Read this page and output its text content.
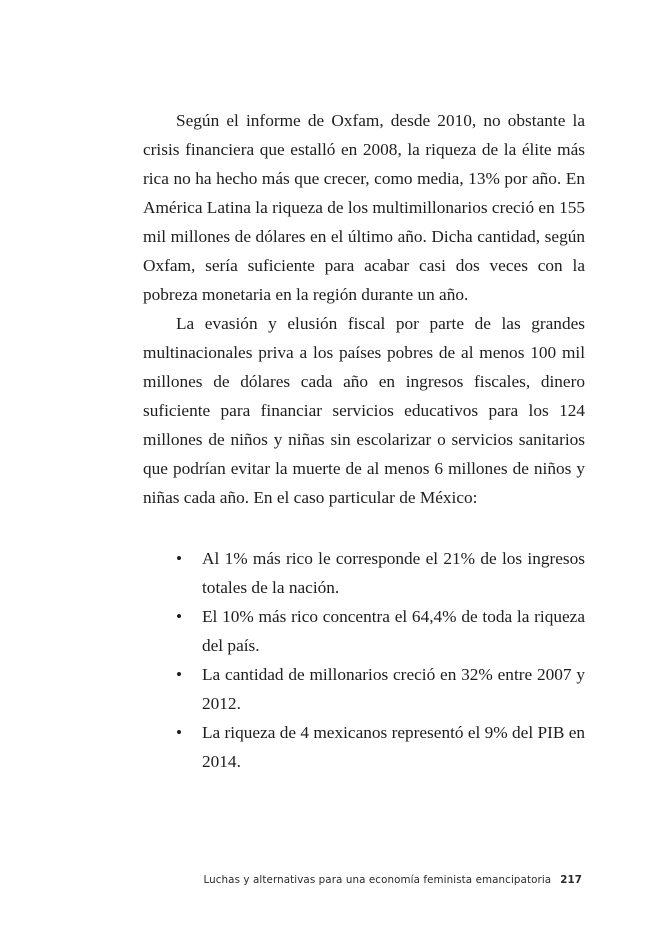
Según el informe de Oxfam, desde 2010, no obstante la crisis financiera que estalló en 2008, la riqueza de la élite más rica no ha hecho más que crecer, como media, 13% por año. En América Latina la riqueza de los multimillonarios creció en 155 mil millones de dólares en el último año. Dicha cantidad, según Oxfam, sería suficiente para acabar casi dos veces con la pobreza monetaria en la región durante un año.

La evasión y elusión fiscal por parte de las grandes multinacionales priva a los países pobres de al menos 100 mil millones de dólares cada año en ingresos fiscales, dinero suficiente para financiar servicios educativos para los 124 millones de niños y niñas sin escolarizar o servicios sanitarios que podrían evitar la muerte de al menos 6 millones de niños y niñas cada año. En el caso particular de México:

• Al 1% más rico le corresponde el 21% de los ingresos totales de la nación.
• El 10% más rico concentra el 64,4% de toda la riqueza del país.
• La cantidad de millonarios creció en 32% entre 2007 y 2012.
• La riqueza de 4 mexicanos representó el 9% del PIB en 2014.
Luchas y alternativas para una economía feminista emancipatoria 217
